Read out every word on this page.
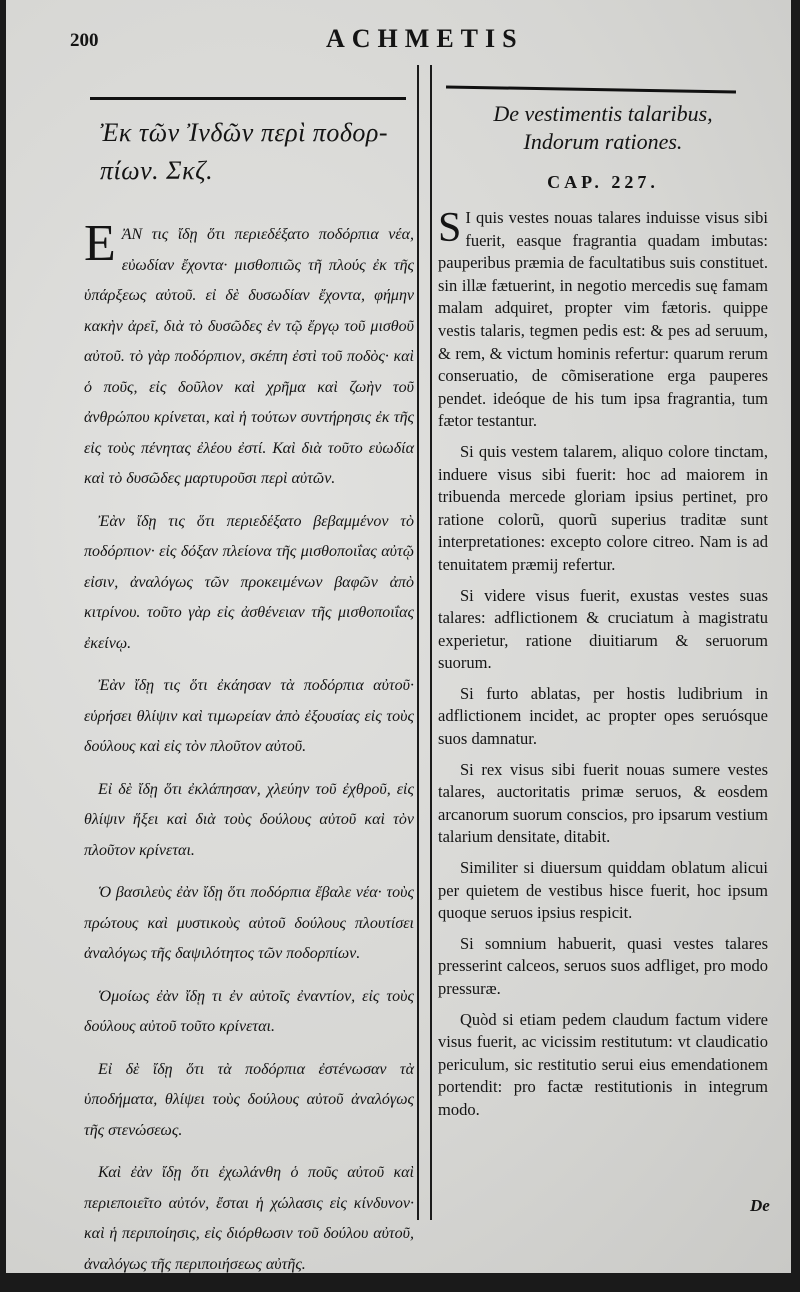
200	ACHMETIS
Ἐκ τῶν Ἰνδῶν περὶ ποδορ-πίων. Σκζ.

ΕἈΝ τις ἴδῃ ὅτι περιεδέξατο ποδόρπια νέα, εὐωδίαν ἔχοντα· μισθοπιῶς τῆ πλούς ἐκ τῆς ὑπάρξεως αὐτοῦ. εἰ δὲ δυσωδίαν ἔχοντα, φήμην κακὴν ἀρεῖ, διὰ τὸ δυσῶδες ἐν τῷ ἔργῳ τοῦ μισθοῦ αὐτοῦ. τὸ γὰρ ποδόρπιον, σκέπη ἐστὶ τοῦ ποδὸς· καὶ ὁ ποῦς, εἰς δοῦλον καὶ χρῆμα καὶ ζωὴν τοῦ ἀνθρώπου κρίνεται, καὶ ἡ τούτων συντήρησις ἐκ τῆς εἰς τοὺς πένητας ἐλέου ἐστί. Καὶ διὰ τοῦτο εὐωδία καὶ τὸ δυσῶδες μαρτυροῦσι περὶ αὐτῶν.

Ἐὰν ἴδῃ τις ὅτι περιεδέξατο βεβαμμένον τὸ ποδόρπιον· εἰς δόξαν πλείονα τῆς μισθοποιΐας αὐτῷ εἰσιν, ἀναλόγως τῶν προκειμένων βαφῶν ἀπὸ κιτρίνου. τοῦτο γὰρ εἰς ἀσθένειαν τῆς μισθοποιΐας ἐκείνῳ.

Ἐὰν ἴδῃ τις ὅτι ἐκάησαν τὰ ποδόρπια αὐτοῦ· εὑρήσει θλίψιν καὶ τιμωρείαν ἀπὸ ἐξουσίας εἰς τοὺς δούλους καὶ εἰς τὸν πλοῦτον αὐτοῦ.

Εἰ δὲ ἴδῃ ὅτι ἐκλάπησαν, χλεύην τοῦ ἐχθροῦ, εἰς θλίψιν ἥξει καὶ διὰ τοὺς δούλους αὐτοῦ καὶ τὸν πλοῦτον κρίνεται.

Ὁ βασιλεὺς ἐὰν ἴδῃ ὅτι ποδόρπια ἔβαλε νέα· τοὺς πρώτους καὶ μυστικοὺς αὐτοῦ δούλους πλουτίσει ἀναλόγως τῆς δαψιλότητος τῶν ποδορπίων.

Ὁμοίως ἐὰν ἴδῃ τι ἐν αὐτοῖς ἐναντίον, εἰς τοὺς δούλους αὐτοῦ τοῦτο κρίνεται.

Εἰ δὲ ἴδῃ ὅτι τὰ ποδόρπια ἐστένωσαν τὰ ὑποδήματα, θλίψει τοὺς δούλους αὐτοῦ ἀναλόγως τῆς στενώσεως.

Καὶ ἐὰν ἴδῃ ὅτι ἐχωλάνθη ὁ ποῦς αὐτοῦ καὶ περιεποιεῖτο αὐτόν, ἔσται ἡ χώλασις εἰς κίνδυνον· καὶ ἡ περιποίησις, εἰς διόρθωσιν τοῦ δούλου αὐτοῦ, ἀναλόγως τῆς περιποιήσεως αὐτῆς.

De vestimentis talaribus,
Indorum rationes.
CAP. 227.

S I quis vestes nouas talares induisse visus sibi fuerit, easque fragrantia quadam imbutas: pauperibus præmia de facultatibus suis constituet. sin illæ fætuerint, in negotio mercedis suę famam malam adquiret, propter vim fætoris. quippe vestis talaris, tegmen pedis est: & pes ad seruum, & rem, & victum hominis refertur: quarum rerum conseruatio, de cõmiseratione erga pauperes pendet. ideóque de his tum ipsa fragrantia, tum fætor testantur.

Si quis vestem talarem, aliquo colore tinctam, induere visus sibi fuerit: hoc ad maiorem in tribuenda mercede gloriam ipsius pertinet, pro ratione colorũ, quorũ superius traditæ sunt interpretationes: excepto colore citreo. Nam is ad tenuitatem præmij refertur.

Si videre visus fuerit, exustas vestes suas talares: adflictionem & cruciatum à magistratu experietur, ratione diuitiarum & seruorum suorum.

Si furto ablatas, per hostis ludibrium in adflictionem incidet, ac propter opes seruósque suos damnatur.

Si rex visus sibi fuerit nouas sumere vestes talares, auctoritatis primæ seruos, & eosdem arcanorum suorum conscios, pro ipsarum vestium talarium densitate, ditabit.

Similiter si diuersum quiddam oblatum alicui per quietem de vestibus hisce fuerit, hoc ipsum quoque seruos ipsius respicit.

Si somnium habuerit, quasi vestes talares presserint calceos, seruos suos adfliget, pro modo pressuræ.

Quòd si etiam pedem claudum factum videre visus fuerit, ac vicissim restitutum: vt claudicatio periculum, sic restitutio serui eius emendationem portendit: pro factæ restitutionis in integrum modo.

De
